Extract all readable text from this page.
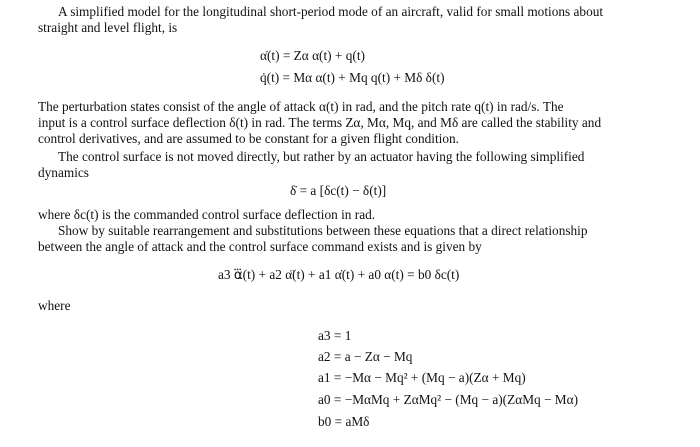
A simplified model for the longitudinal short-period mode of an aircraft, valid for small motions about
straight and level flight, is
α̇(t) = Zα α(t) + q(t)
q̇(t) = Mα α(t) + Mq q(t) + Mδ δ(t)
The perturbation states consist of the angle of attack α(t) in rad, and the pitch rate q(t) in rad/s. The
input is a control surface deflection δ(t) in rad. The terms Zα, Mα, Mq, and Mδ are called the stability and
control derivatives, and are assumed to be constant for a given flight condition.
The control surface is not moved directly, but rather by an actuator having the following simplified
dynamics
δ̇ = a [δc(t) − δ(t)]
where δc(t) is the commanded control surface deflection in rad.
Show by suitable rearrangement and substitutions between these equations that a direct relationship
between the angle of attack and the control surface command exists and is given by
a3 α⃛(t) + a2 α̈(t) + a1 α̇(t) + a0 α(t) = b0 δc(t)
where
a3 = 1
a2 = a − Zα − Mq
a1 = −Mα − Mq² + (Mq − a)(Zα + Mq)
a0 = −MαMq + ZαMq² − (Mq − a)(ZαMq − Mα)
b0 = aMδ
